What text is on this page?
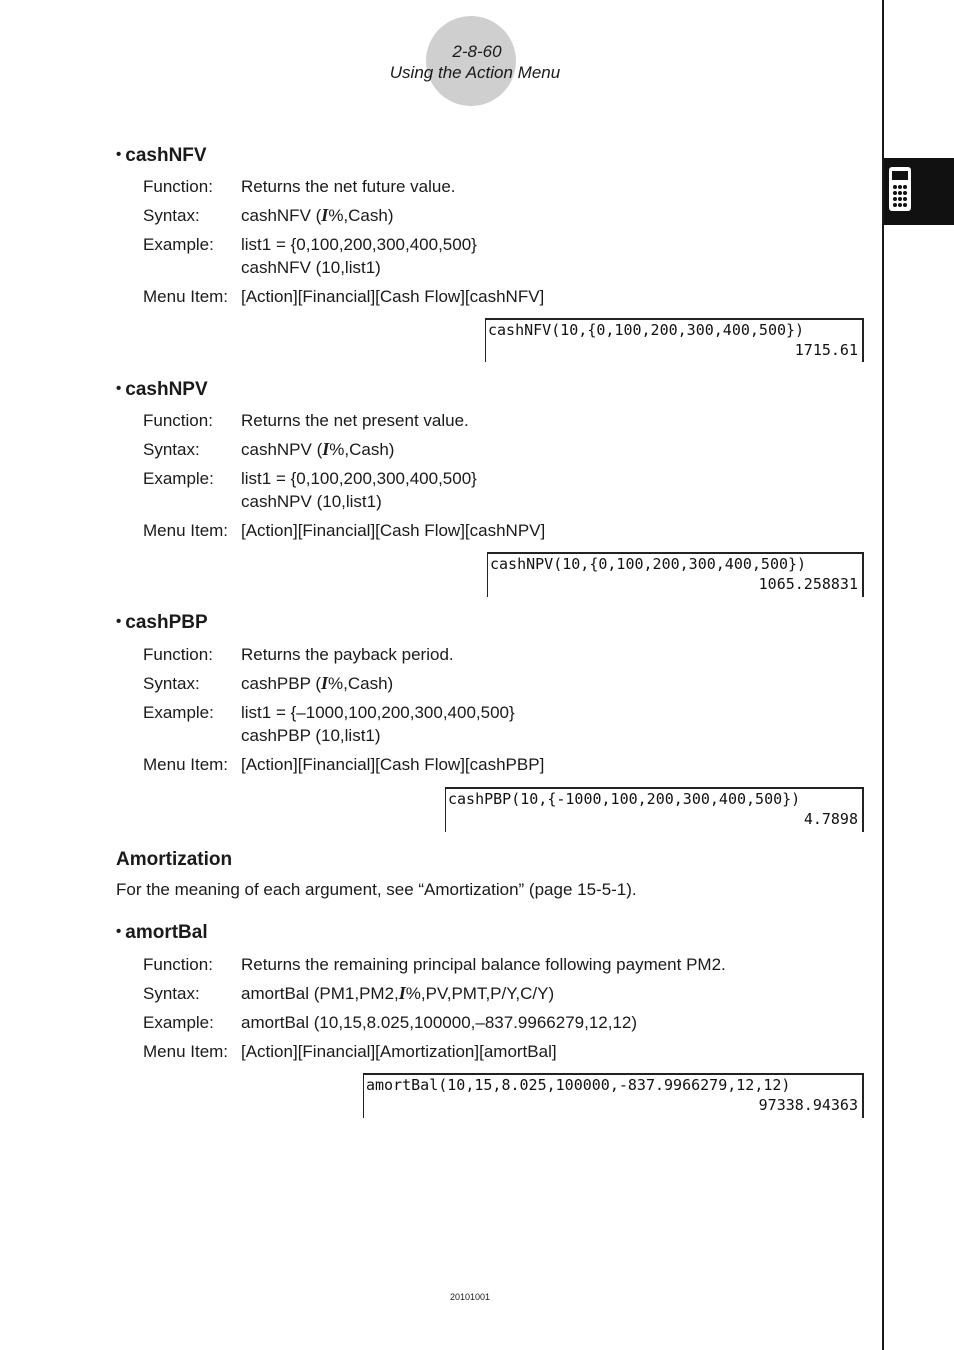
2-8-60
Using the Action Menu
• cashNFV
Function: Returns the net future value.
Syntax: cashNFV (I%,Cash)
Example: list1 = {0,100,200,300,400,500}
cashNFV (10,list1)
Menu Item: [Action][Financial][Cash Flow][cashNFV]
cashNFV(10,{0,100,200,300,400,500})
1715.61
• cashNPV
Function: Returns the net present value.
Syntax: cashNPV (I%,Cash)
Example: list1 = {0,100,200,300,400,500}
cashNPV (10,list1)
Menu Item: [Action][Financial][Cash Flow][cashNPV]
cashNPV(10,{0,100,200,300,400,500})
1065.258831
• cashPBP
Function: Returns the payback period.
Syntax: cashPBP (I%,Cash)
Example: list1 = {–1000,100,200,300,400,500}
cashPBP (10,list1)
Menu Item: [Action][Financial][Cash Flow][cashPBP]
cashPBP(10,{-1000,100,200,300,400,500})
4.7898
Amortization
For the meaning of each argument, see “Amortization” (page 15-5-1).
• amortBal
Function: Returns the remaining principal balance following payment PM2.
Syntax: amortBal (PM1,PM2,I%,PV,PMT,P/Y,C/Y)
Example: amortBal (10,15,8.025,100000,–837.9966279,12,12)
Menu Item: [Action][Financial][Amortization][amortBal]
amortBal(10,15,8.025,100000,-837.9966279,12,12)
97338.94363
20101001
